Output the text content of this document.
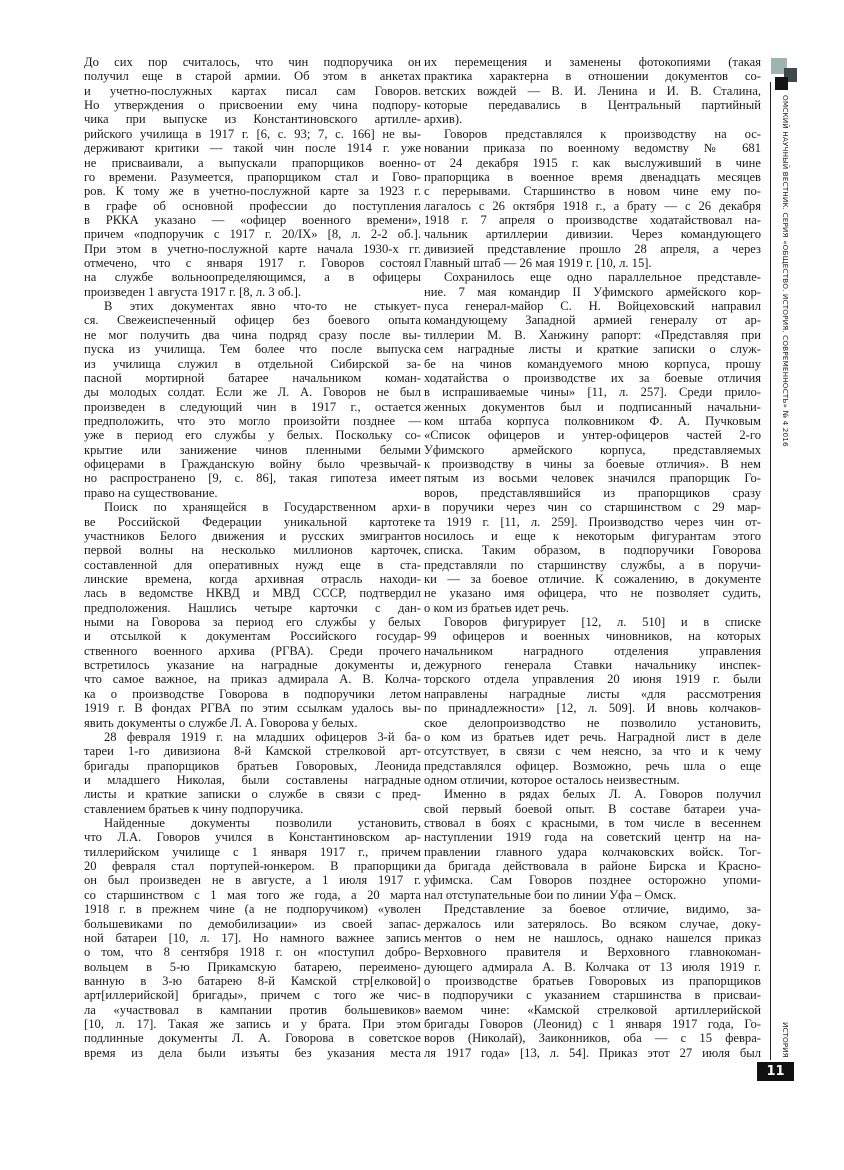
ОМСКИЙ НАУЧНЫЙ ВЕСТНИК. СЕРИЯ «ОБЩЕСТВО. ИСТОРИЯ. СОВРЕМЕННОСТЬ» № 4 2016
ИСТОРИЯ
11
До сих пор считалось, что чин подпоручика он
получил еще в старой армии. Об этом в анкетах
и учетно-послужных картах писал сам Говоров.
Но утверждения о присвоении ему чина подпору-
чика при выпуске из Константиновского артилле-
рийского училища в 1917 г. [6, с. 93; 7, с. 166] не вы-
держивают критики — такой чин после 1914 г. уже
не присваивали, а выпускали прапорщиков военно-
го времени. Разумеется, прапорщиком стал и Гово-
ров. К тому же в учетно-послужной карте за 1923 г.
в графе об основной профессии до поступления
в РККА указано — «офицер военного времени»,
причем «подпоручик с 1917 г. 20/IX» [8, л. 2-2 об.].
При этом в учетно-послужной карте начала 1930-х гг.
отмечено, что с января 1917 г. Говоров состоял
на службе вольноопределяющимся, а в офицеры
произведен 1 августа 1917 г. [8, л. 3 об.].
В этих документах явно что-то не стыкует-
ся. Свежеиспеченный офицер без боевого опыта
не мог получить два чина подряд сразу после вы-
пуска из училища. Тем более что после выпуска
из училища служил в отдельной Сибирской за-
пасной мортирной батарее начальником коман-
ды молодых солдат. Если же Л. А. Говоров не был
произведен в следующий чин в 1917 г., остается
предположить, что это могло произойти позднее —
уже в период его службы у белых. Поскольку со-
крытие или занижение чинов пленными белыми
офицерами в Гражданскую войну было чрезвычай-
но распространено [9, с. 86], такая гипотеза имеет
право на существование.
Поиск по хранящейся в Государственном архи-
ве Российской Федерации уникальной картотеке
участников Белого движения и русских эмигрантов
первой волны на несколько миллионов карточек,
составленной для оперативных нужд еще в ста-
линские времена, когда архивная отрасль находи-
лась в ведомстве НКВД и МВД СССР, подтвердил
предположения. Нашлись четыре карточки с дан-
ными на Говорова за период его службы у белых
и отсылкой к документам Российского государ-
ственного военного архива (РГВА). Среди прочего
встретилось указание на наградные документы и,
что самое важное, на приказ адмирала А. В. Колча-
ка о производстве Говорова в подпоручики летом
1919 г. В фондах РГВА по этим ссылкам удалось вы-
явить документы о службе Л. А. Говорова у белых.
28 февраля 1919 г. на младших офицеров 3-й ба-
тареи 1-го дивизиона 8-й Камской стрелковой арт-
бригады прапорщиков братьев Говоровых, Леонида
и младшего Николая, были составлены наградные
листы и краткие записки о службе в связи с пред-
ставлением братьев к чину подпоручика.
Найденные документы позволили установить,
что Л.А. Говоров учился в Константиновском ар-
тиллерийском училище с 1 января 1917 г., причем
20 февраля стал портупей-юнкером. В прапорщики
он был произведен не в августе, а 1 июля 1917 г.
со старшинством с 1 мая того же года, а 20 марта
1918 г. в прежнем чине (а не подпоручиком) «уволен
большевиками по демобилизации» из своей запас-
ной батареи [10, л. 17]. Но намного важнее запись
о том, что 8 сентября 1918 г. он «поступил добро-
вольцем в 5-ю Прикамскую батарею, переимено-
ванную в 3-ю батарею 8-й Камской стр[елковой]
арт[иллерийской] бригады», причем с того же чис-
ла «участвовал в кампании против большевиков»
[10, л. 17]. Такая же запись и у брата. При этом
подлинные документы Л. А. Говорова в советское
время из дела были изъяты без указания места
их перемещения и заменены фотокопиями (такая
практика характерна в отношении документов со-
ветских вождей — В. И. Ленина и И. В. Сталина,
которые передавались в Центральный партийный
архив).
Говоров представлялся к производству на ос-
новании приказа по военному ведомству № 681
от 24 декабря 1915 г. как выслуживший в чине
прапорщика в военное время двенадцать месяцев
с перерывами. Старшинство в новом чине ему по-
лагалось с 26 октября 1918 г., а брату — с 26 декабря
1918 г. 7 апреля о производстве ходатайствовал на-
чальник артиллерии дивизии. Через командующего
дивизией представление прошло 28 апреля, а через
Главный штаб — 26 мая 1919 г. [10, л. 15].
Сохранилось еще одно параллельное представле-
ние. 7 мая командир II Уфимского армейского кор-
пуса генерал-майор С. Н. Войцеховский направил
командующему Западной армией генералу от ар-
тиллерии М. В. Ханжину рапорт: «Представляя при
сем наградные листы и краткие записки о служ-
бе на чинов командуемого мною корпуса, прошу
ходатайства о производстве их за боевые отличия
в испрашиваемые чины» [11, л. 257]. Среди прило-
женных документов был и подписанный начальни-
ком штаба корпуса полковником Ф. А. Пучковым
«Список офицеров и унтер-офицеров частей 2-го
Уфимского армейского корпуса, представляемых
к производству в чины за боевые отличия». В нем
пятым из восьми человек значился прапорщик Го-
воров, представлявшийся из прапорщиков сразу
в поручики через чин со старшинством с 29 мар-
та 1919 г. [11, л. 259]. Производство через чин от-
носилось и еще к некоторым фигурантам этого
списка. Таким образом, в подпоручики Говорова
представляли по старшинству службы, а в поручи-
ки — за боевое отличие. К сожалению, в документе
не указано имя офицера, что не позволяет судить,
о ком из братьев идет речь.
Говоров фигурирует [12, л. 510] и в списке
99 офицеров и военных чиновников, на которых
начальником наградного отделения управления
дежурного генерала Ставки начальнику инспек-
торского отдела управления 20 июня 1919 г. были
направлены наградные листы «для рассмотрения
по принадлежности» [12, л. 509]. И вновь колчаков-
ское делопроизводство не позволило установить,
о ком из братьев идет речь. Наградной лист в деле
отсутствует, в связи с чем неясно, за что и к чему
представлялся офицер. Возможно, речь шла о еще
одном отличии, которое осталось неизвестным.
Именно в рядах белых Л. А. Говоров получил
свой первый боевой опыт. В составе батареи уча-
ствовал в боях с красными, в том числе в весеннем
наступлении 1919 года на советский центр на на-
правлении главного удара колчаковских войск. Тог-
да бригада действовала в районе Бирска и Красно-
уфимска. Сам Говоров позднее осторожно упоми-
нал отступательные бои по линии Уфа – Омск.
Представление за боевое отличие, видимо, за-
держалось или затерялось. Во всяком случае, доку-
ментов о нем не нашлось, однако нашелся приказ
Верховного правителя и Верховного главнокоман-
дующего адмирала А. В. Колчака от 13 июля 1919 г.
о производстве братьев Говоровых из прапорщиков
в подпоручики с указанием старшинства в присваи-
ваемом чине: «Камской стрелковой артиллерийской
бригады Говоров (Леонид) с 1 января 1917 года, Го-
воров (Николай), Заиконников, оба — с 15 февра-
ля 1917 года» [13, л. 54]. Приказ этот 27 июля был
